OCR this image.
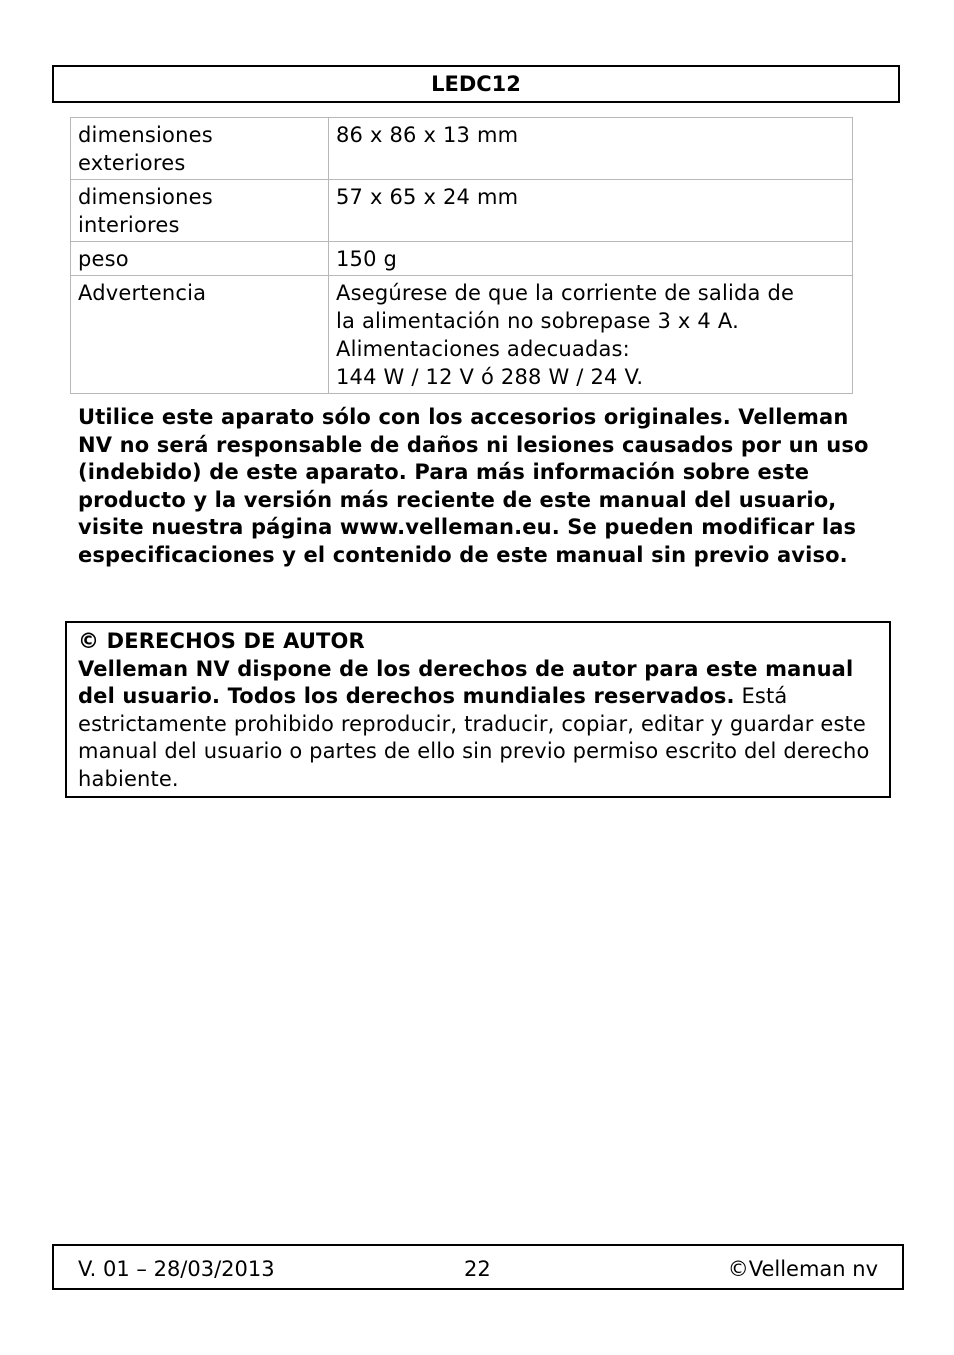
LEDC12
dimensiones exteriores	86 x 86 x 13 mm
dimensiones interiores	57 x 65 x 24 mm
peso	150 g
Advertencia	Asegúrese de que la corriente de salida de
la alimentación no sobrepase 3 x 4 A.
Alimentaciones adecuadas:
144 W / 12 V ó 288 W / 24 V.
Utilice este aparato sólo con los accesorios originales. Velleman NV no será responsable de daños ni lesiones causados por un uso (indebido) de este aparato. Para más información sobre este producto y la versión más reciente de este manual del usuario, visite nuestra página www.velleman.eu. Se pueden modificar las especificaciones y el contenido de este manual sin previo aviso.
© DERECHOS DE AUTOR
Velleman NV dispone de los derechos de autor para este manual del usuario. Todos los derechos mundiales reservados. Está estrictamente prohibido reproducir, traducir, copiar, editar y guardar este manual del usuario o partes de ello sin previo permiso escrito del derecho habiente.
V. 01 – 28/03/2013	22	©Velleman nv
